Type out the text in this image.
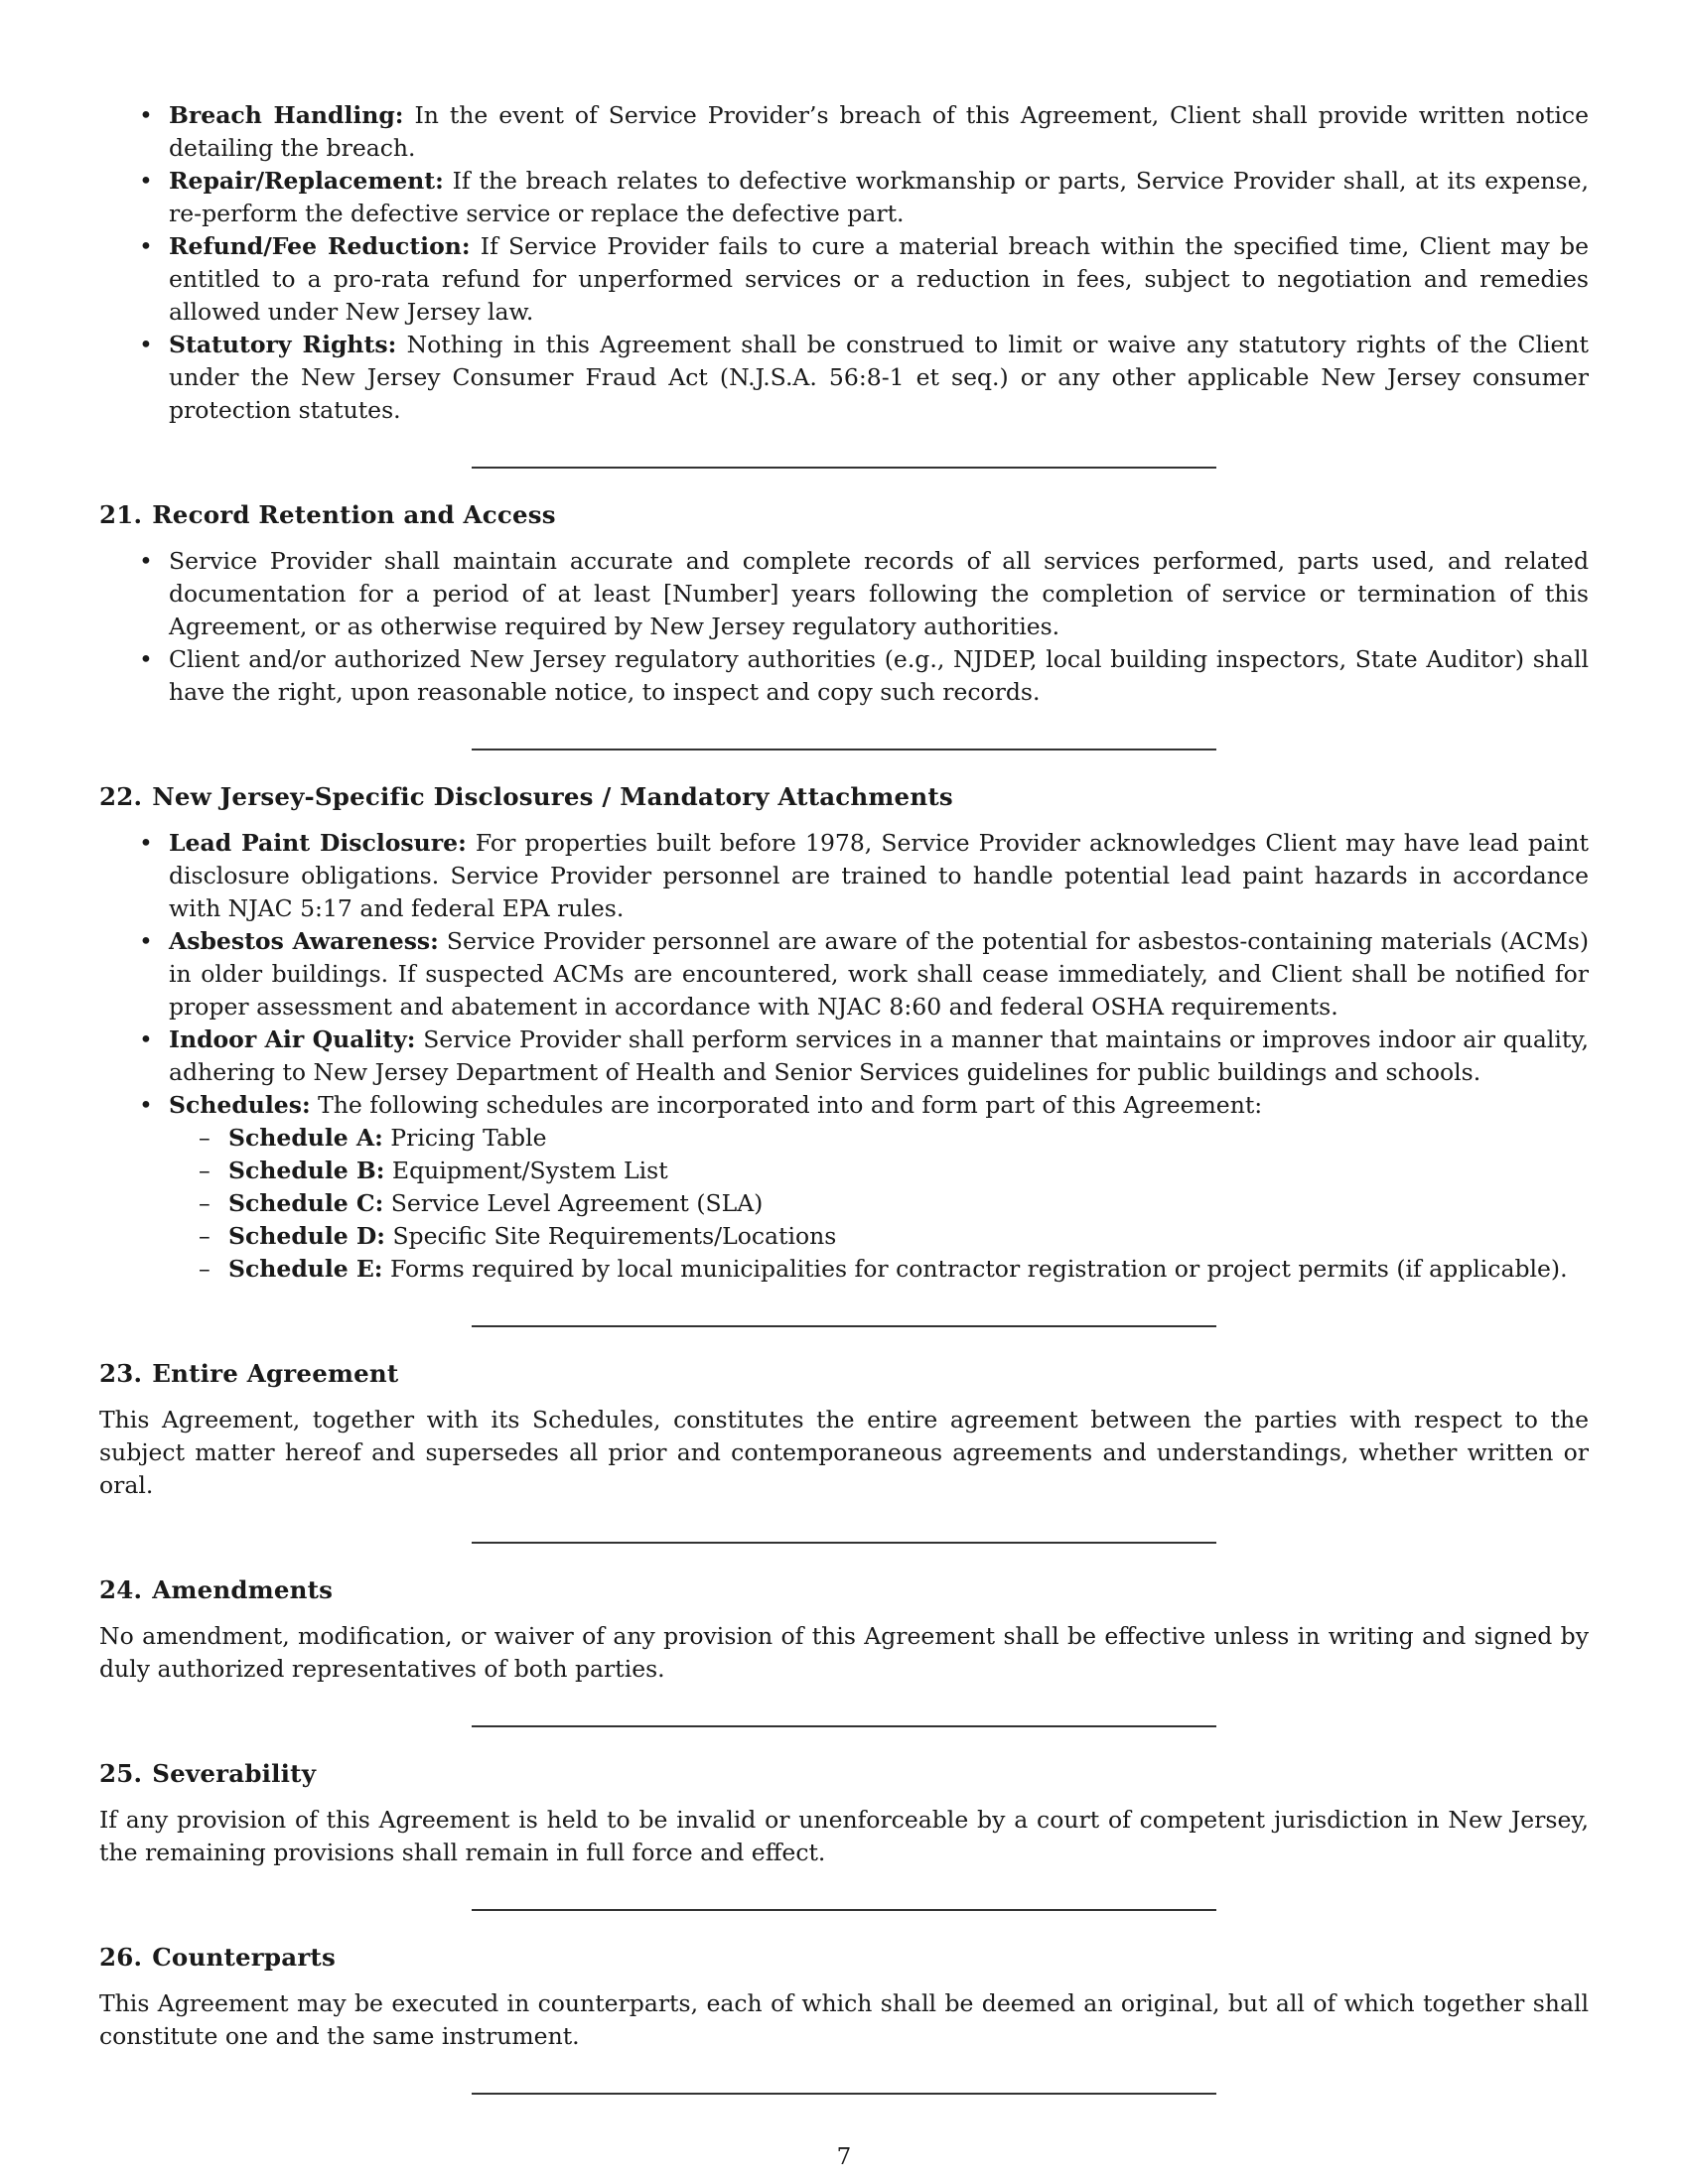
• Breach Handling: In the event of Service Provider’s breach of this Agreement, Client shall provide written notice detailing the breach.
• Repair/Replacement: If the breach relates to defective workmanship or parts, Service Provider shall, at its expense, re-perform the defective service or replace the defective part.
• Refund/Fee Reduction: If Service Provider fails to cure a material breach within the specified time, Client may be entitled to a pro-rata refund for unperformed services or a reduction in fees, subject to negotiation and remedies allowed under New Jersey law.
• Statutory Rights: Nothing in this Agreement shall be construed to limit or waive any statutory rights of the Client under the New Jersey Consumer Fraud Act (N.J.S.A. 56:8-1 et seq.) or any other applicable New Jersey consumer protection statutes.
21. Record Retention and Access
• Service Provider shall maintain accurate and complete records of all services performed, parts used, and related documentation for a period of at least [Number] years following the completion of service or termination of this Agreement, or as otherwise required by New Jersey regulatory authorities.
• Client and/or authorized New Jersey regulatory authorities (e.g., NJDEP, local building inspectors, State Auditor) shall have the right, upon reasonable notice, to inspect and copy such records.
22. New Jersey-Specific Disclosures / Mandatory Attachments
• Lead Paint Disclosure: For properties built before 1978, Service Provider acknowledges Client may have lead paint disclosure obligations. Service Provider personnel are trained to handle potential lead paint hazards in accordance with NJAC 5:17 and federal EPA rules.
• Asbestos Awareness: Service Provider personnel are aware of the potential for asbestos-containing materials (ACMs) in older buildings. If suspected ACMs are encountered, work shall cease immediately, and Client shall be notified for proper assessment and abatement in accordance with NJAC 8:60 and federal OSHA requirements.
• Indoor Air Quality: Service Provider shall perform services in a manner that maintains or improves indoor air quality, adhering to New Jersey Department of Health and Senior Services guidelines for public buildings and schools.
• Schedules: The following schedules are incorporated into and form part of this Agreement:
– Schedule A: Pricing Table
– Schedule B: Equipment/System List
– Schedule C: Service Level Agreement (SLA)
– Schedule D: Specific Site Requirements/Locations
– Schedule E: Forms required by local municipalities for contractor registration or project permits (if applicable).
23. Entire Agreement

This Agreement, together with its Schedules, constitutes the entire agreement between the parties with respect to the subject matter hereof and supersedes all prior and contemporaneous agreements and understandings, whether written or oral.

24. Amendments

No amendment, modification, or waiver of any provision of this Agreement shall be effective unless in writing and signed by duly authorized representatives of both parties.

25. Severability

If any provision of this Agreement is held to be invalid or unenforceable by a court of competent jurisdiction in New Jersey, the remaining provisions shall remain in full force and effect.

26. Counterparts

This Agreement may be executed in counterparts, each of which shall be deemed an original, but all of which together shall constitute one and the same instrument.

7
